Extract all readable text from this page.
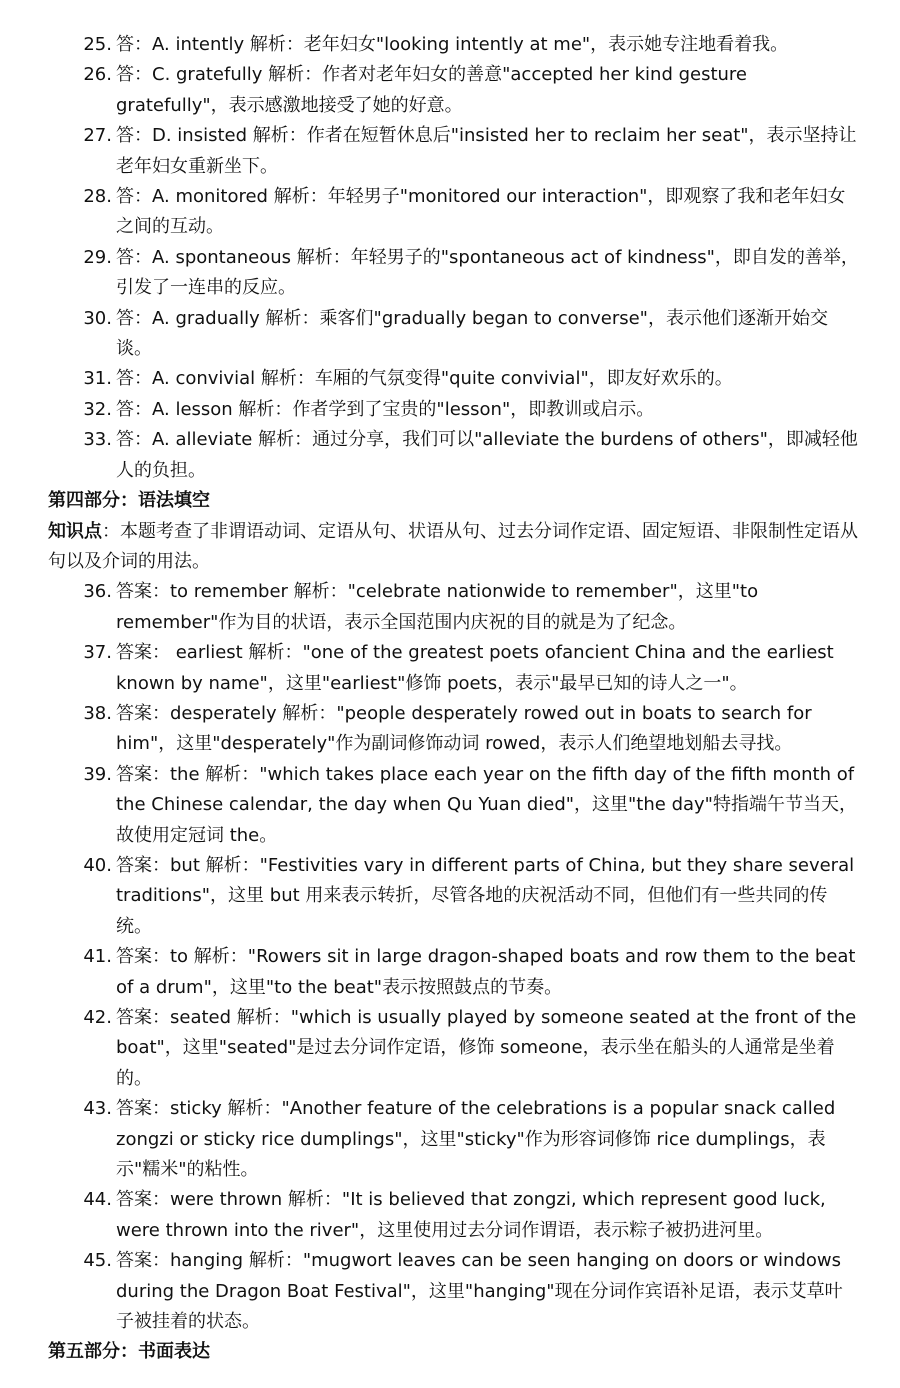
25. 答：A. intently 解析：老年妇女"looking intently at me"，表示她专注地看着我。
26. 答：C. gratefully 解析：作者对老年妇女的善意"accepted her kind gesture gratefully"，表示感激地接受了她的好意。
27. 答：D. insisted 解析：作者在短暂休息后"insisted her to reclaim her seat"，表示坚持让老年妇女重新坐下。
28. 答：A. monitored 解析：年轻男子"monitored our interaction"，即观察了我和老年妇女之间的互动。
29. 答：A. spontaneous 解析：年轻男子的"spontaneous act of kindness"，即自发的善举，引发了一连串的反应。
30. 答：A. gradually 解析：乘客们"gradually began to converse"，表示他们逐渐开始交谈。
31. 答：A. convivial 解析：车厢的气氛变得"quite convivial"，即友好欢乐的。
32. 答：A. lesson 解析：作者学到了宝贵的"lesson"，即教训或启示。
33. 答：A. alleviate 解析：通过分享，我们可以"alleviate the burdens of others"，即减轻他人的负担。
第四部分：语法填空
知识点：本题考查了非谓语动词、定语从句、状语从句、过去分词作定语、固定短语、非限制性定语从句以及介词的用法。
36. 答案：to remember 解析："celebrate nationwide to remember"，这里"to remember"作为目的状语，表示全国范围内庆祝的目的就是为了纪念。
37. 答案： earliest 解析："one of the greatest poets ofancient China and the earliest known by name"，这里"earliest"修饰 poets，表示"最早已知的诗人之一"。
38. 答案：desperately 解析："people desperately rowed out in boats to search for him"，这里"desperately"作为副词修饰动词 rowed，表示人们绝望地划船去寻找。
39. 答案：the 解析："which takes place each year on the fifth day of the fifth month of the Chinese calendar, the day when Qu Yuan died"，这里"the day"特指端午节当天，故使用定冠词 the。
40. 答案：but 解析："Festivities vary in different parts of China, but they share several traditions"，这里 but 用来表示转折，尽管各地的庆祝活动不同，但他们有一些共同的传统。
41. 答案：to 解析："Rowers sit in large dragon-shaped boats and row them to the beat of a drum"，这里"to the beat"表示按照鼓点的节奏。
42. 答案：seated 解析："which is usually played by someone seated at the front of the boat"，这里"seated"是过去分词作定语，修饰 someone，表示坐在船头的人通常是坐着的。
43. 答案：sticky 解析："Another feature of the celebrations is a popular snack called zongzi or sticky rice dumplings"，这里"sticky"作为形容词修饰 rice dumplings，表示"糯米"的粘性。
44. 答案：were thrown 解析："It is believed that zongzi, which represent good luck, were thrown into the river"，这里使用过去分词作谓语，表示粽子被扔进河里。
45. 答案：hanging 解析："mugwort leaves can be seen hanging on doors or windows during the Dragon Boat Festival"，这里"hanging"现在分词作宾语补足语，表示艾草叶子被挂着的状态。
第五部分：书面表达
